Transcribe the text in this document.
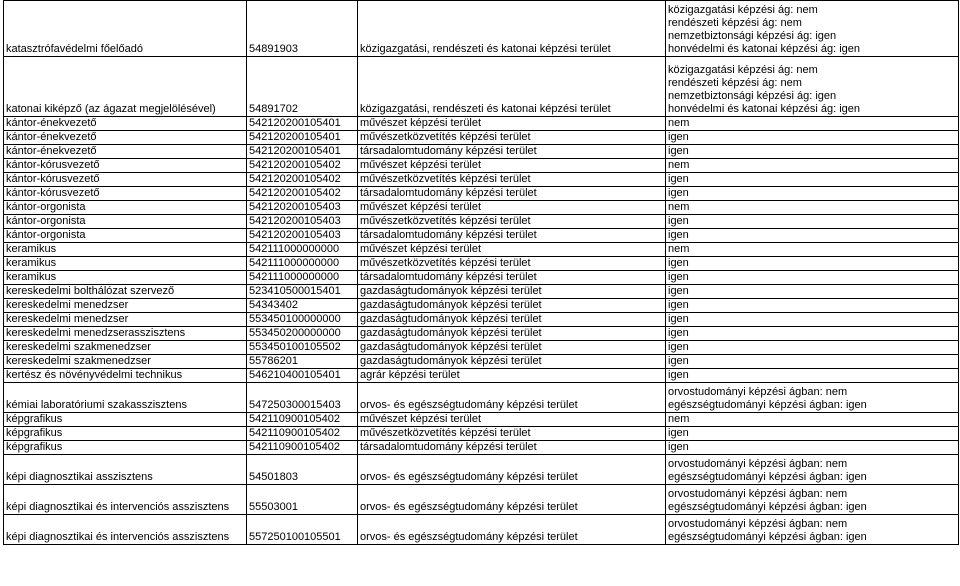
katasztrófavédelmi főelőadó	54891903	közigazgatási, rendészeti és katonai képzési terület	közigazgatási képzési ág: nem
rendészeti képzési ág: nem
nemzetbiztonsági képzési ág: igen
honvédelmi és katonai képzési ág: igen
katonai kiképző (az ágazat megjelölésével)	54891702	közigazgatási, rendészeti és katonai képzési terület	közigazgatási képzési ág: nem
rendészeti képzési ág: nem
nemzetbiztonsági képzési ág: igen
honvédelmi és katonai képzési ág: igen
kántor-énekvezető	542120200105401	művészet képzési terület	nem
kántor-énekvezető	542120200105401	művészetközvetítés képzési terület	igen
kántor-énekvezető	542120200105401	társadalomtudomány képzési terület	igen
kántor-kórusvezető	542120200105402	művészet képzési terület	nem
kántor-kórusvezető	542120200105402	művészetközvetítés képzési terület	igen
kántor-kórusvezető	542120200105402	társadalomtudomány képzési terület	igen
kántor-orgonista	542120200105403	művészet képzési terület	nem
kántor-orgonista	542120200105403	művészetközvetítés képzési terület	igen
kántor-orgonista	542120200105403	társadalomtudomány képzési terület	igen
keramikus	542111000000000	művészet képzési terület	nem
keramikus	542111000000000	művészetközvetítés képzési terület	igen
keramikus	542111000000000	társadalomtudomány képzési terület	igen
kereskedelmi bolthálózat szervező	523410500015401	gazdaságtudományok képzési terület	igen
kereskedelmi menedzser	54343402	gazdaságtudományok képzési terület	igen
kereskedelmi menedzser	553450100000000	gazdaságtudományok képzési terület	igen
kereskedelmi menedzserasszisztens	553450200000000	gazdaságtudományok képzési terület	igen
kereskedelmi szakmenedzser	553450100105502	gazdaságtudományok képzési terület	igen
kereskedelmi szakmenedzser	55786201	gazdaságtudományok képzési terület	igen
kertész és növényvédelmi technikus	546210400105401	agrár képzési terület	igen
kémiai laboratóriumi szakasszisztens	547250300015403	orvos- és egészségtudomány képzési terület	orvostudományi képzési ágban: nem
egészségtudományi képzési ágban: igen
képgrafikus	542110900105402	művészet képzési terület	nem
képgrafikus	542110900105402	művészetközvetítés képzési terület	igen
képgrafikus	542110900105402	társadalomtudomány képzési terület	igen
képi diagnosztikai asszisztens	54501803	orvos- és egészségtudomány képzési terület	orvostudományi képzési ágban: nem
egészségtudományi képzési ágban: igen
képi diagnosztikai és intervenciós asszisztens	55503001	orvos- és egészségtudomány képzési terület	orvostudományi képzési ágban: nem
egészségtudományi képzési ágban: igen
képi diagnosztikai és intervenciós asszisztens	557250100105501	orvos- és egészségtudomány képzési terület	orvostudományi képzési ágban: nem
egészségtudományi képzési ágban: igen
